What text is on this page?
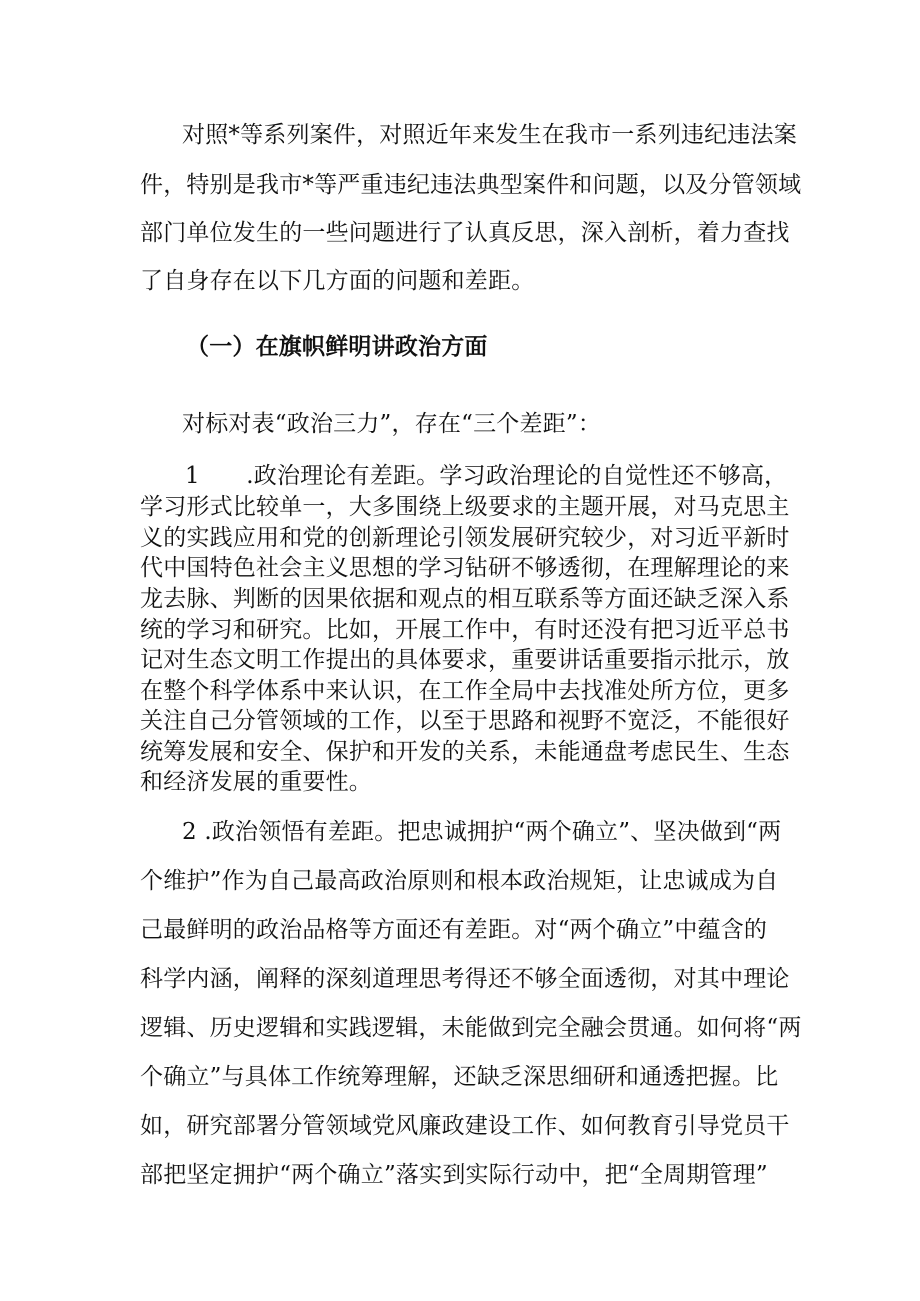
对照*等系列案件，对照近年来发生在我市一系列违纪违法案

件，特别是我市*等严重违纪违法典型案件和问题，以及分管领域

部门单位发生的一些问题进行了认真反思，深入剖析，着力查找

了自身存在以下几方面的问题和差距。

（一）在旗帜鲜明讲政治方面

对标对表“政治三力”，存在“三个差距”：

1　　.政治理论有差距。学习政治理论的自觉性还不够高，

学习形式比较单一，大多围绕上级要求的主题开展，对马克思主

义的实践应用和党的创新理论引领发展研究较少，对习近平新时

代中国特色社会主义思想的学习钻研不够透彻，在理解理论的来

龙去脉、判断的因果依据和观点的相互联系等方面还缺乏深入系

统的学习和研究。比如，开展工作中，有时还没有把习近平总书

记对生态文明工作提出的具体要求，重要讲话重要指示批示，放

在整个科学体系中来认识，在工作全局中去找准处所方位，更多

关注自己分管领域的工作，以至于思路和视野不宽泛，不能很好

统筹发展和安全、保护和开发的关系，未能通盘考虑民生、生态

和经济发展的重要性。

2 .政治领悟有差距。把忠诚拥护“两个确立”、坚决做到“两

个维护”作为自己最高政治原则和根本政治规矩，让忠诚成为自

己最鲜明的政治品格等方面还有差距。对“两个确立”中蕴含的

科学内涵，阐释的深刻道理思考得还不够全面透彻，对其中理论

逻辑、历史逻辑和实践逻辑，未能做到完全融会贯通。如何将“两

个确立”与具体工作统筹理解，还缺乏深思细研和通透把握。比

如，研究部署分管领域党风廉政建设工作、如何教育引导党员干

部把坚定拥护“两个确立”落实到实际行动中，把“全周期管理”
